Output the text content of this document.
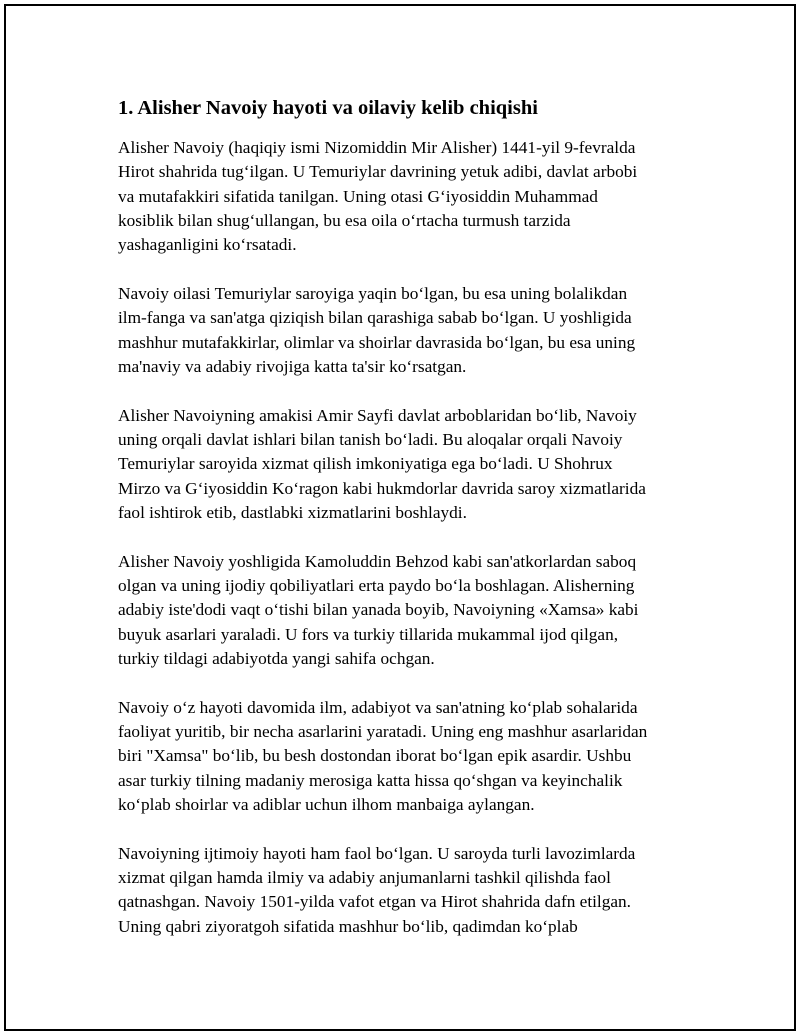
1. Alisher Navoiy hayoti va oilaviy kelib chiqishi

Alisher Navoiy (haqiqiy ismi Nizomiddin Mir Alisher) 1441-yil 9-fevralda
Hirot shahrida tug‘ilgan. U Temuriylar davrining yetuk adibi, davlat arbobi
va mutafakkiri sifatida tanilgan. Uning otasi G‘iyosiddin Muhammad
kosiblik bilan shug‘ullangan, bu esa oila o‘rtacha turmush tarzida
yashaganligini ko‘rsatadi.

Navoiy oilasi Temuriylar saroyiga yaqin bo‘lgan, bu esa uning bolalikdan
ilm-fanga va san'atga qiziqish bilan qarashiga sabab bo‘lgan. U yoshligida
mashhur mutafakkirlar, olimlar va shoirlar davrasida bo‘lgan, bu esa uning
ma'naviy va adabiy rivojiga katta ta'sir ko‘rsatgan.

Alisher Navoiyning amakisi Amir Sayfi davlat arboblaridan bo‘lib, Navoiy
uning orqali davlat ishlari bilan tanish bo‘ladi. Bu aloqalar orqali Navoiy
Temuriylar saroyida xizmat qilish imkoniyatiga ega bo‘ladi. U Shohrux
Mirzo va G‘iyosiddin Ko‘ragon kabi hukmdorlar davrida saroy xizmatlarida
faol ishtirok etib, dastlabki xizmatlarini boshlaydi.

Alisher Navoiy yoshligida Kamoluddin Behzod kabi san'atkorlardan saboq
olgan va uning ijodiy qobiliyatlari erta paydo bo‘la boshlagan. Alisherning
adabiy iste'dodi vaqt o‘tishi bilan yanada boyib, Navoiyning «Xamsa» kabi
buyuk asarlari yaraladi. U fors va turkiy tillarida mukammal ijod qilgan,
turkiy tildagi adabiyotda yangi sahifa ochgan.

Navoiy o‘z hayoti davomida ilm, adabiyot va san'atning ko‘plab sohalarida
faoliyat yuritib, bir necha asarlarini yaratadi. Uning eng mashhur asarlaridan
biri "Xamsa" bo‘lib, bu besh dostondan iborat bo‘lgan epik asardir. Ushbu
asar turkiy tilning madaniy merosiga katta hissa qo‘shgan va keyinchalik
ko‘plab shoirlar va adiblar uchun ilhom manbaiga aylangan.

Navoiyning ijtimoiy hayoti ham faol bo‘lgan. U saroyda turli lavozimlarda
xizmat qilgan hamda ilmiy va adabiy anjumanlarni tashkil qilishda faol
qatnashgan. Navoiy 1501-yilda vafot etgan va Hirot shahrida dafn etilgan.
Uning qabri ziyoratgoh sifatida mashhur bo‘lib, qadimdan ko‘plab
